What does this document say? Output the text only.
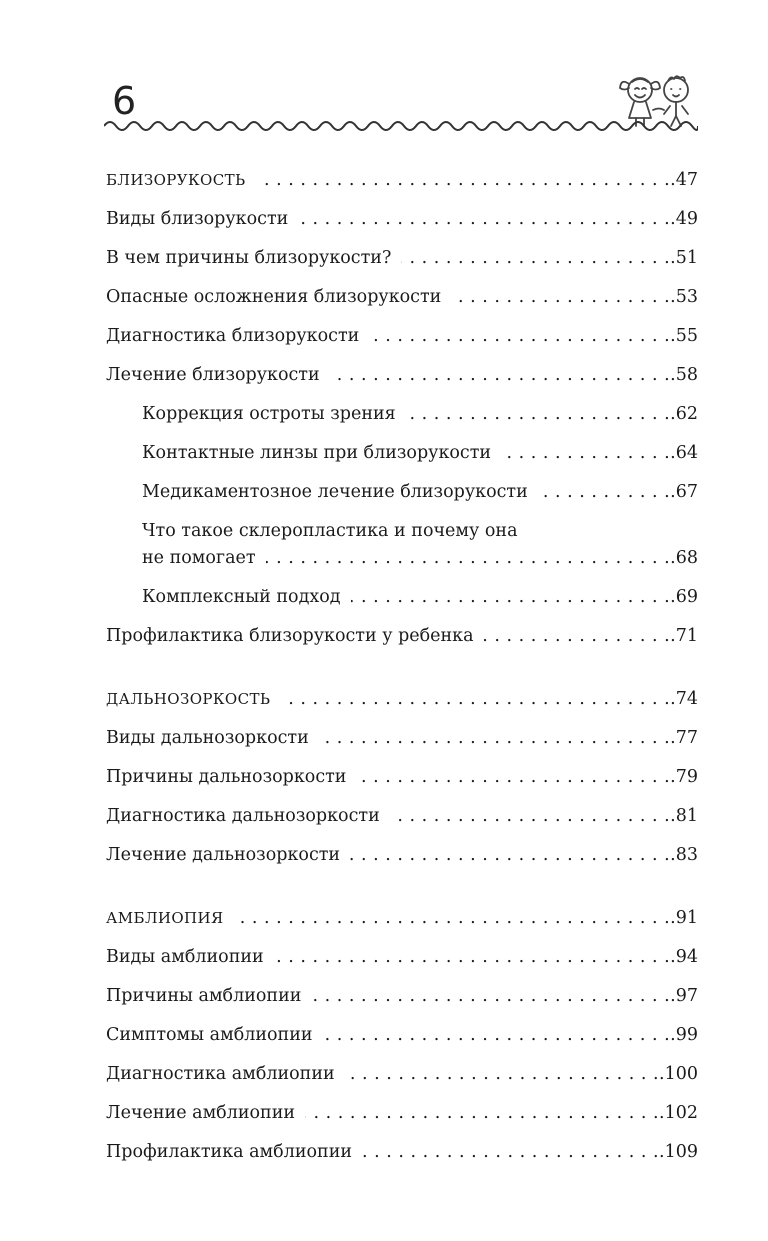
6
БЛИЗОРУКОСТЬ . . .	.47
Виды близорукости . . .	.49
В чем причины близорукости? . . .	.51
Опасные осложнения близорукости . . .	.53
Диагностика близорукости . . .	.55
Лечение близорукости . . .	.58
Коррекция остроты зрения . . .	.62
Контактные линзы при близорукости . . .	.64
Медикаментозное лечение близорукости . . .	.67
Что такое склеропластика и почему она
не помогает . . .	.68
Комплексный подход . . .	.69
Профилактика близорукости у ребенка . . .	.71
ДАЛЬНОЗОРКОСТЬ . . .	.74
Виды дальнозоркости . . .	.77
Причины дальнозоркости . . .	.79
Диагностика дальнозоркости . . .	.81
Лечение дальнозоркости . . .	.83
АМБЛИОПИЯ . . .	.91
Виды амблиопии . . .	.94
Причины амблиопии . . .	.97
Симптомы амблиопии . . .	.99
Диагностика амблиопии . . .	.100
Лечение амблиопии . . .	.102
Профилактика амблиопии . . .	.109
